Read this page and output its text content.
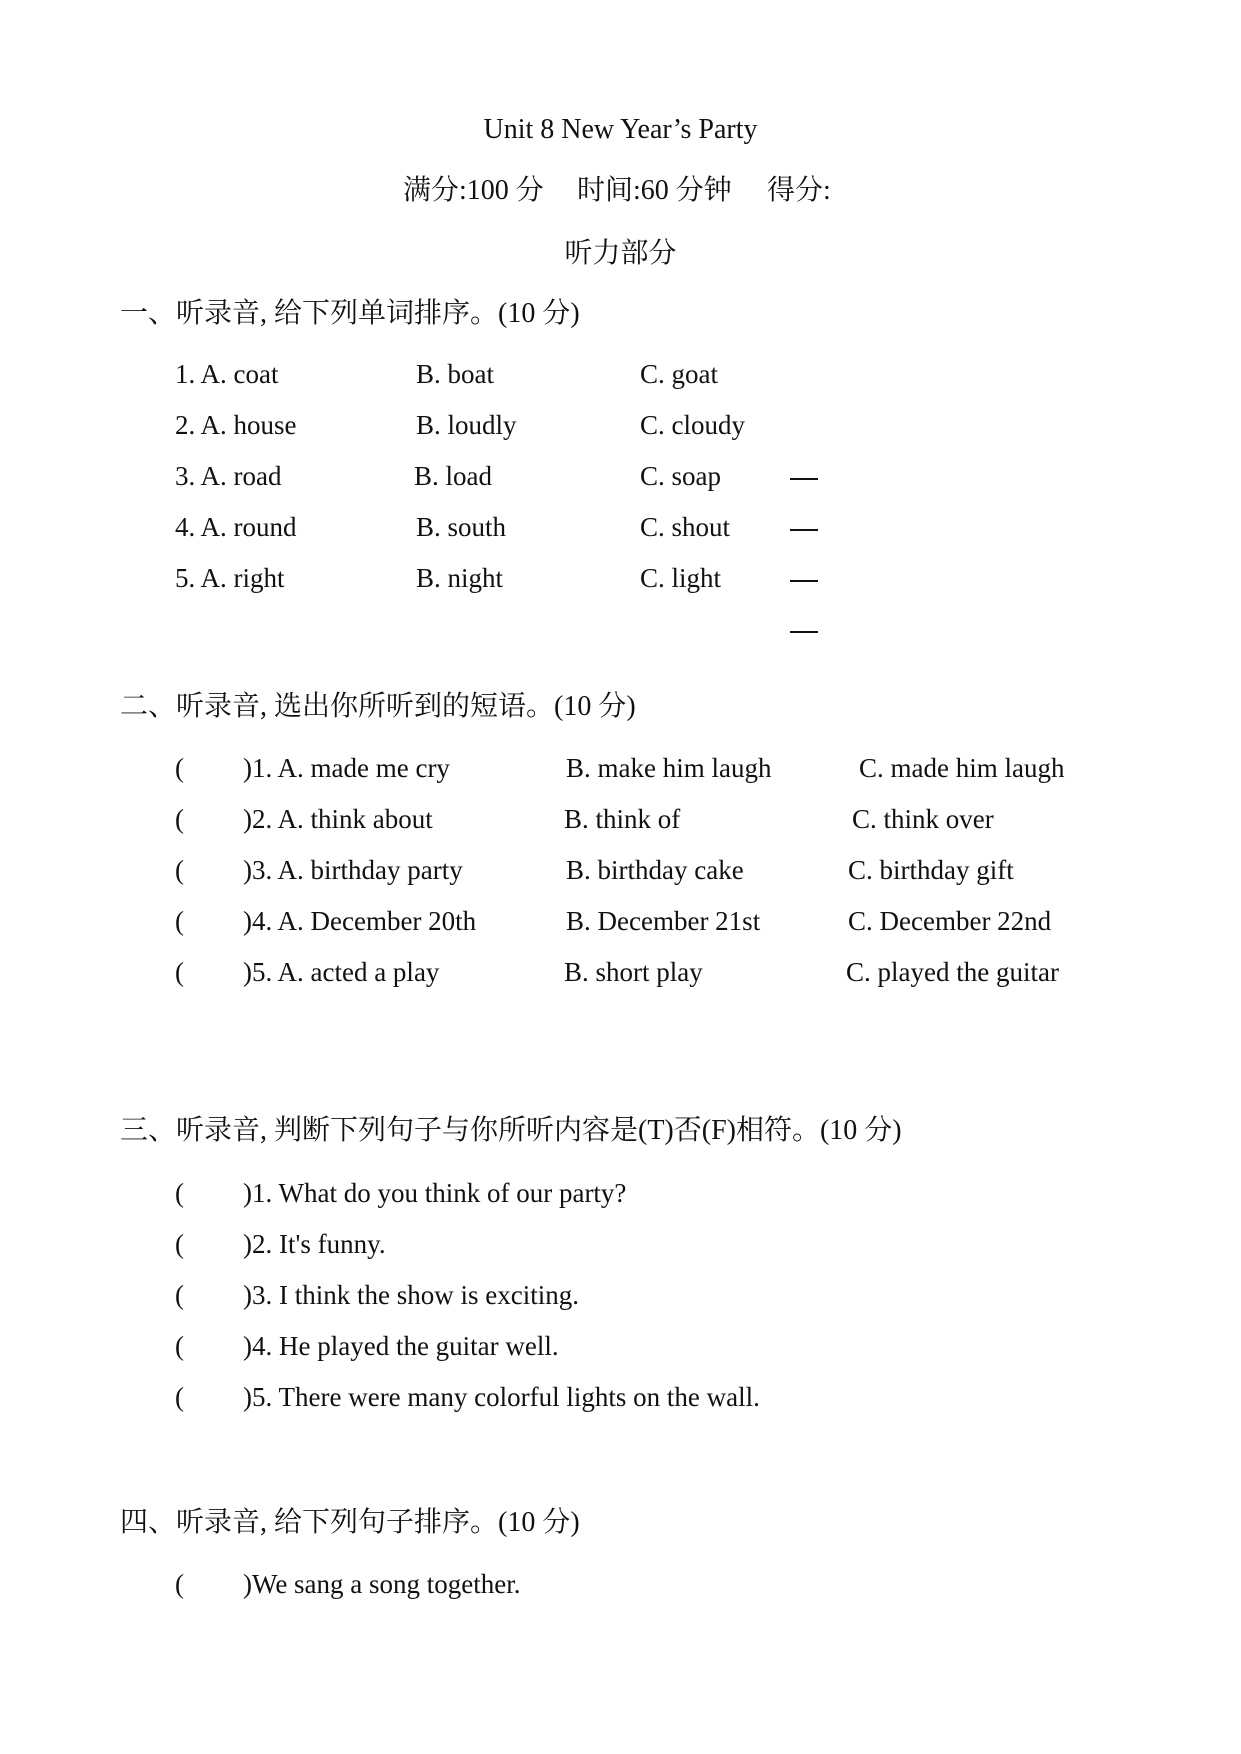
Unit 8 New Year’s Party
满分:100 分 时间:60 分钟 得分:
听力部分
一、听录音, 给下列单词排序。(10 分)
1. A. coat	B. boat	C. goat
2. A. house	B. loudly	C. cloudy
3. A. road	B. load	C. soap
4. A. round	B. south	C. shout
5. A. right	B. night	C. light
二、听录音, 选出你所听到的短语。(10 分)
( )1. A. made me cry	B. make him laugh	C. made him laugh
( )2. A. think about	B. think of	C. think over
( )3. A. birthday party	B. birthday cake	C. birthday gift
( )4. A. December 20th	B. December 21st	C. December 22nd
( )5. A. acted a play	B. short play	C. played the guitar
三、听录音, 判断下列句子与你所听内容是(T)否(F)相符。(10 分)
( )1. What do you think of our party?
( )2. It's funny.
( )3. I think the show is exciting.
( )4. He played the guitar well.
( )5. There were many colorful lights on the wall.
四、听录音, 给下列句子排序。(10 分)
( )We sang a song together.
